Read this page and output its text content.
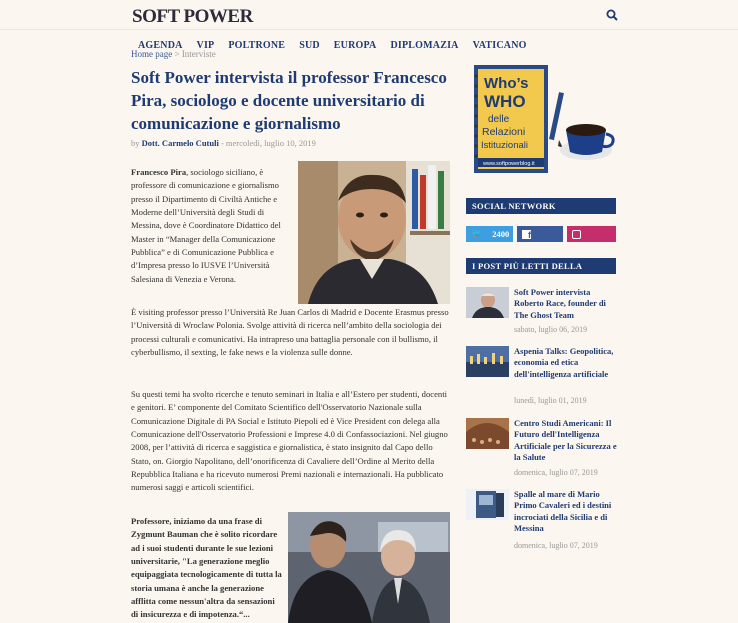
SOFT POWER
AGENDA VIP POLTRONE SUD EUROPA DIPLOMAZIA VATICANO
Home page > Interviste
Soft Power intervista il professor Francesco Pira, sociologo e docente universitario di comunicazione e giornalismo
by Dott. Carmelo Cutuli - mercoledì, luglio 10, 2019
Francesco Pira, sociologo siciliano, è professore di comunicazione e giornalismo presso il Dipartimento di Civiltà Antiche e Moderne dell’Università degli Studi di Messina, dove è Coordinatore Didattico del Master in “Manager della Comunicazione Pubblica” e di Comunicazione Pubblica e d’Impresa presso lo IUSVE l’Università Salesiana di Venezia e Verona.
È visiting professor presso l’Università Re Juan Carlos di Madrid e Docente Erasmus presso l’Università di Wroclaw Polonia. Svolge attività di ricerca nell’ambito della sociologia dei processi culturali e comunicativi. Ha intrapreso una battaglia personale con il bullismo, il cyberbullismo, il sexting, le fake news e la violenza sulle donne.
Su questi temi ha svolto ricerche e tenuto seminari in Italia e all’Estero per studenti, docenti e genitori. E’ componente del Comitato Scientifico dell'Osservatorio Nazionale sulla Comunicazione Digitale di PA Social e Istituto Piepoli ed è Vice President con delega alla Comunicazione dell'Osservatorio Professioni e Imprese 4.0 di Confassociazioni. Nel giugno 2008, per l’attività di ricerca e saggistica e giornalistica, è stato insignito dal Capo dello Stato, on. Giorgio Napolitano, dell’onorificenza di Cavaliere dell’Ordine al Merito della Repubblica Italiana e ha ricevuto numerosi Premi nazionali e internazionali. Ha pubblicato numerosi saggi e articoli scientifici.
Professore, iniziamo da una frase di Zygmunt Bauman che è solito ricordare ad i suoi studenti durante le sue lezioni universitarie, "La generazione meglio equipaggiata tecnologicamente di tutta la storia umana è anche la generazione afflitta come nessun'altra da sensazioni di insicurezza e di impotenza.“...
Who’s
WHO
delle
Relazioni
Istituzionali
www.softpowerblog.it
SOCIAL NETWORK
🐦 2400	f
I POST PIÙ LETTI DELLA
Soft Power intervista Roberto Race, founder di The Ghost Team
sabato, luglio 06, 2019
Aspenia Talks: Geopolitica, economia ed etica dell'intelligenza artificiale
lunedì, luglio 01, 2019
Centro Studi Americani: Il Futuro dell'Intelligenza Artificiale per la Sicurezza e la Salute
domenica, luglio 07, 2019
Spalle al mare di Mario Primo Cavaleri ed i destini incrociati della Sicilia e di Messina
domenica, luglio 07, 2019
